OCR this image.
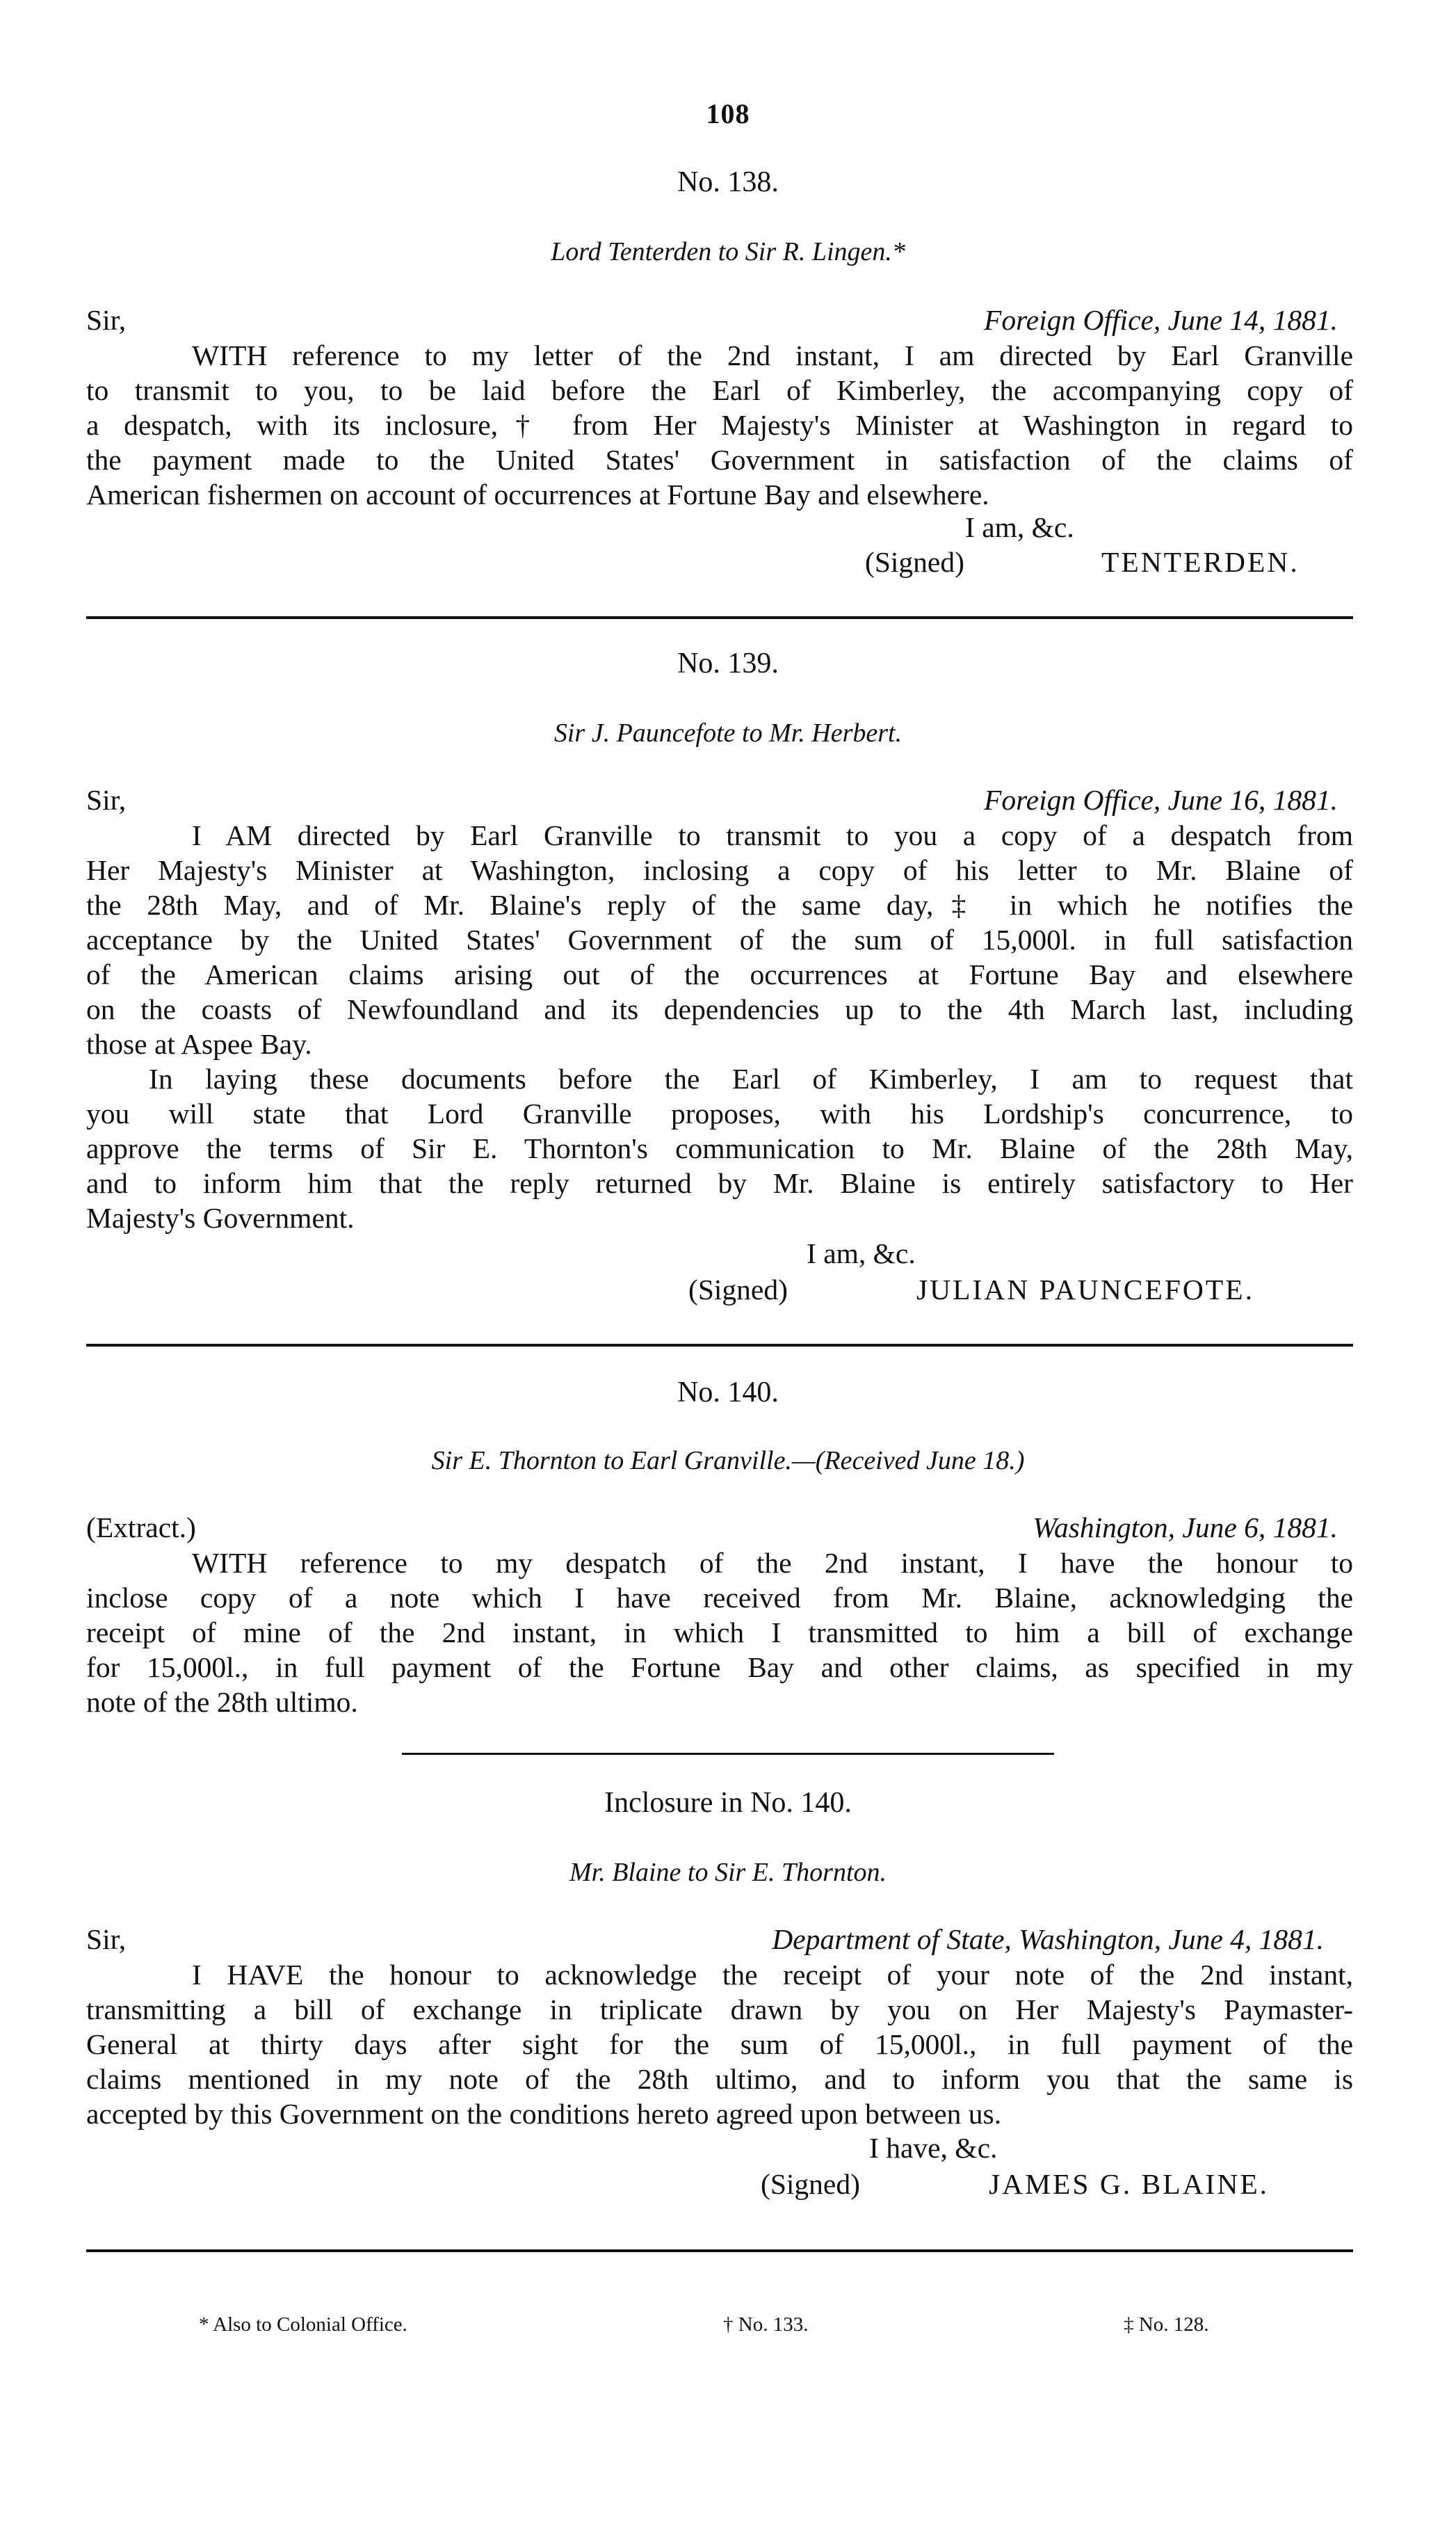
108
No. 138.
Lord Tenterden to Sir R. Lingen.*
Sir,	Foreign Office, June 14, 1881.
WITH reference to my letter of the 2nd instant, I am directed by Earl Granville
to transmit to you, to be laid before the Earl of Kimberley, the accompanying copy of
a despatch, with its inclosure,† from Her Majesty's Minister at Washington in regard to
the payment made to the United States' Government in satisfaction of the claims of
American fishermen on account of occurrences at Fortune Bay and elsewhere.
I am, &c.
(Signed)	TENTERDEN.
No. 139.
Sir J. Pauncefote to Mr. Herbert.
Sir,	Foreign Office, June 16, 1881.
I AM directed by Earl Granville to transmit to you a copy of a despatch from
Her Majesty's Minister at Washington, inclosing a copy of his letter to Mr. Blaine of
the 28th May, and of Mr. Blaine's reply of the same day,‡ in which he notifies the
acceptance by the United States' Government of the sum of 15,000l. in full satisfaction
of the American claims arising out of the occurrences at Fortune Bay and elsewhere
on the coasts of Newfoundland and its dependencies up to the 4th March last, including
those at Aspee Bay.
In laying these documents before the Earl of Kimberley, I am to request that
you will state that Lord Granville proposes, with his Lordship's concurrence, to
approve the terms of Sir E. Thornton's communication to Mr. Blaine of the 28th May,
and to inform him that the reply returned by Mr. Blaine is entirely satisfactory to Her
Majesty's Government.
I am, &c.
(Signed)	JULIAN PAUNCEFOTE.
No. 140.
Sir E. Thornton to Earl Granville.—(Received June 18.)
(Extract.)	Washington, June 6, 1881.
WITH reference to my despatch of the 2nd instant, I have the honour to
inclose copy of a note which I have received from Mr. Blaine, acknowledging the
receipt of mine of the 2nd instant, in which I transmitted to him a bill of exchange
for 15,000l., in full payment of the Fortune Bay and other claims, as specified in my
note of the 28th ultimo.
Inclosure in No. 140.
Mr. Blaine to Sir E. Thornton.
Sir,	Department of State, Washington, June 4, 1881.
I HAVE the honour to acknowledge the receipt of your note of the 2nd instant,
transmitting a bill of exchange in triplicate drawn by you on Her Majesty's Paymaster-
General at thirty days after sight for the sum of 15,000l., in full payment of the
claims mentioned in my note of the 28th ultimo, and to inform you that the same is
accepted by this Government on the conditions hereto agreed upon between us.
I have, &c.
(Signed)	JAMES G. BLAINE.
* Also to Colonial Office.	† No. 133.	‡ No. 128.
